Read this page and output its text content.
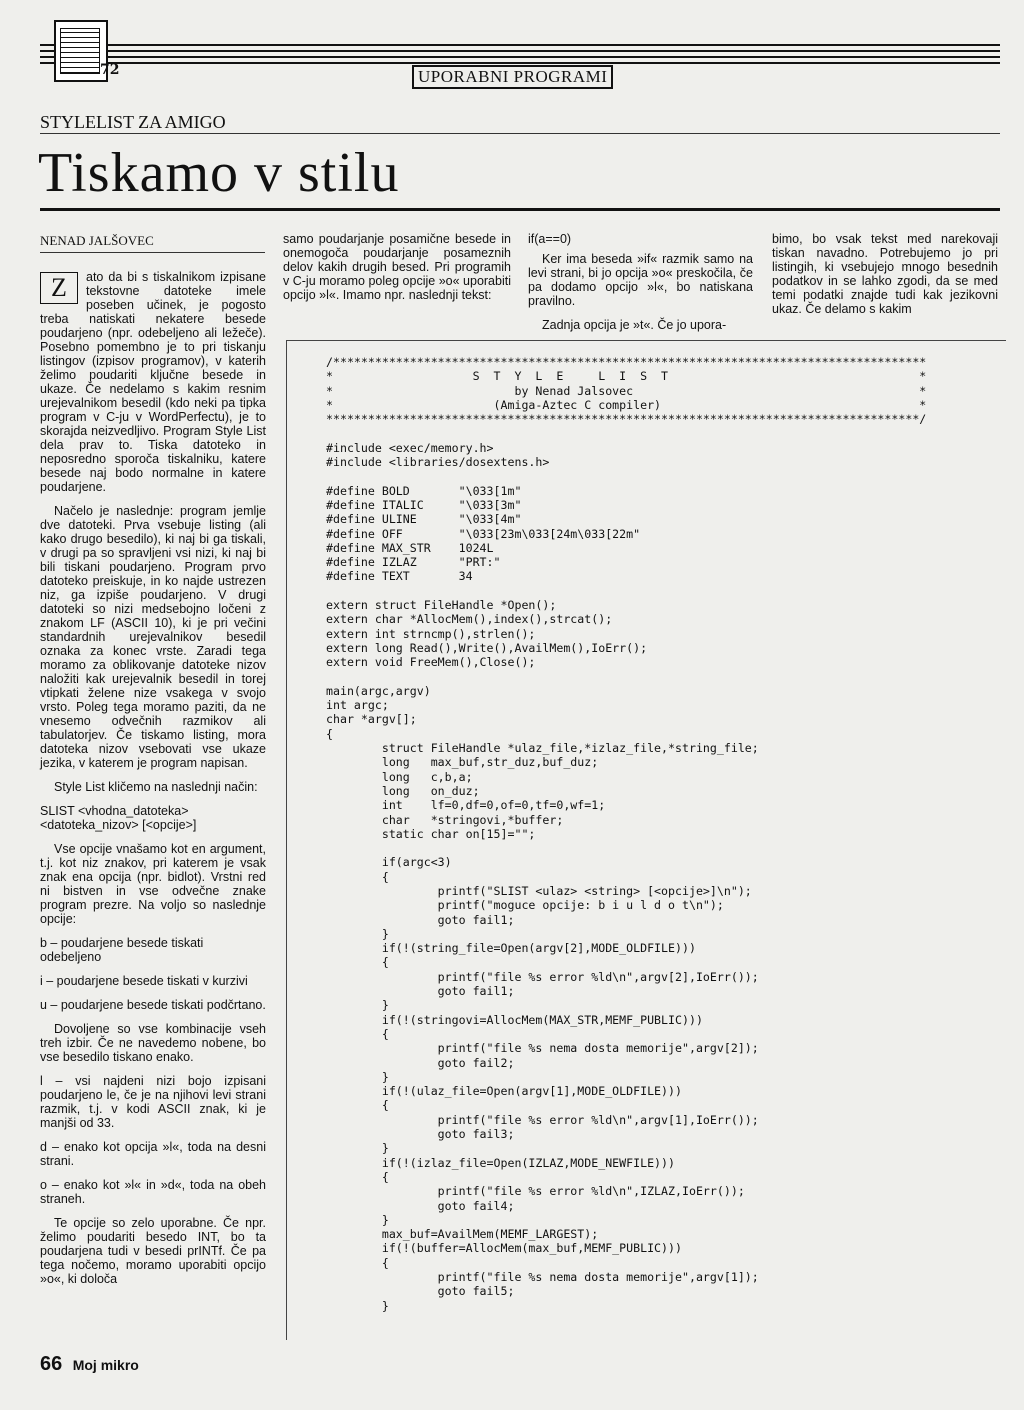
72	UPORABNI PROGRAMI
STYLELIST ZA AMIGO
Tiskamo v stilu
NENAD JALŠOVEC

Z	ato da bi s tiskalnikom izpisane tekstovne datoteke imele poseben učinek, je pogosto treba natiskati nekatere besede poudarjeno (npr. odebeljeno ali ležeče). Posebno pomembno je to pri tiskanju listingov (izpisov programov), v katerih želimo poudariti ključne besede in ukaze. Če nedelamo s kakim resnim urejevalnikom besedil (kdo neki pa tipka program v C-ju v WordPerfectu), je to skorajda neizvedljivo. Program Style List dela prav to. Tiska datoteko in neposredno sporoča tiskalniku, katere besede naj bodo normalne in katere poudarjene.

Načelo je naslednje: program jemlje dve datoteki. Prva vsebuje listing (ali kako drugo besedilo), ki naj bi ga tiskali, v drugi pa so spravljeni vsi nizi, ki naj bi bili tiskani poudarjeno. Program prvo datoteko preiskuje, in ko najde ustrezen niz, ga izpiše poudarjeno. V drugi datoteki so nizi medsebojno ločeni z znakom LF (ASCII 10), ki je pri večini standardnih urejevalnikov besedil oznaka za konec vrste. Zaradi tega moramo za oblikovanje datoteke nizov naložiti kak urejevalnik besedil in torej vtipkati želene nize vsakega v svojo vrsto. Poleg tega moramo paziti, da ne vnesemo odvečnih razmikov ali tabulatorjev. Če tiskamo listing, mora datoteka nizov vsebovati vse ukaze jezika, v katerem je program napisan.

Style List kličemo na naslednji način:

SLIST <vhodna_datoteka> <datoteka_nizov> [<opcije>]

Vse opcije vnašamo kot en argument, t.j. kot niz znakov, pri katerem je vsak znak ena opcija (npr. bidlot). Vrstni red ni bistven in vse odvečne znake program prezre. Na voljo so naslednje opcije:

b – poudarjene besede tiskati odebeljeno

i – poudarjene besede tiskati v kurzivi

u – poudarjene besede tiskati podčrtano.

Dovoljene so vse kombinacije vseh treh izbir. Če ne navedemo nobene, bo vse besedilo tiskano enako.

l – vsi najdeni nizi bojo izpisani poudarjeno le, če je na njihovi levi strani razmik, t.j. v kodi ASCII znak, ki je manjši od 33.

d – enako kot opcija »l«, toda na desni strani.

o – enako kot »l« in »d«, toda na obeh straneh.

Te opcije so zelo uporabne. Če npr. želimo poudariti besedo INT, bo ta poudarjena tudi v besedi prINTf. Če pa tega nočemo, moramo uporabiti opcijo »o«, ki določa

samo poudarjanje posamične besede in onemogoča poudarjanje posameznih delov kakih drugih besed. Pri programih v C-ju moramo poleg opcije »o« uporabiti opcijo »l«. Imamo npr. naslednji tekst:

if(a==0)

Ker ima beseda »if« razmik samo na levi strani, bi jo opcija »o« preskočila, če pa dodamo opcijo »l«, bo natiskana pravilno.

Zadnja opcija je »t«. Če jo upora-

bimo, bo vsak tekst med narekovaji tiskan navadno. Potrebujemo jo pri listingih, ki vsebujejo mnogo besednih podatkov in se lahko zgodi, da se med temi podatki znajde tudi kak jezikovni ukaz. Če delamo s kakim

/*************************************************************************************
*                    S  T  Y  L  E     L  I  S  T                                    *
*                          by Nenad Jalsovec                                         *
*                       (Amiga-Aztec C compiler)                                     *
*************************************************************************************/

#include <exec/memory.h>
#include <libraries/dosextens.h>

#define BOLD       "\033[1m"
#define ITALIC     "\033[3m"
#define ULINE      "\033[4m"
#define OFF        "\033[23m\033[24m\033[22m"
#define MAX_STR    1024L
#define IZLAZ      "PRT:"
#define TEXT       34

extern struct FileHandle *Open();
extern char *AllocMem(),index(),strcat();
extern int strncmp(),strlen();
extern long Read(),Write(),AvailMem(),IoErr();
extern void FreeMem(),Close();

main(argc,argv)
int argc;
char *argv[];
{
struct FileHandle *ulaz_file,*izlaz_file,*string_file;
long   max_buf,str_duz,buf_duz;
long   c,b,a;
long   on_duz;
int    lf=0,df=0,of=0,tf=0,wf=1;
char   *stringovi,*buffer;
static char on[15]="";

if(argc<3)
{
printf("SLIST <ulaz> <string> [<opcije>]\n");
printf("moguce opcije: b i u l d o t\n");
goto fail1;
}
if(!(string_file=Open(argv[2],MODE_OLDFILE)))
{
printf("file %s error %ld\n",argv[2],IoErr());
goto fail1;
}
if(!(stringovi=AllocMem(MAX_STR,MEMF_PUBLIC)))
{
printf("file %s nema dosta memorije",argv[2]);
goto fail2;
}
if(!(ulaz_file=Open(argv[1],MODE_OLDFILE)))
{
printf("file %s error %ld\n",argv[1],IoErr());
goto fail3;
}
if(!(izlaz_file=Open(IZLAZ,MODE_NEWFILE)))
{
printf("file %s error %ld\n",IZLAZ,IoErr());
goto fail4;
}
max_buf=AvailMem(MEMF_LARGEST);
if(!(buffer=AllocMem(max_buf,MEMF_PUBLIC)))
{
printf("file %s nema dosta memorije",argv[1]);
goto fail5;
}
66 Moj mikro
